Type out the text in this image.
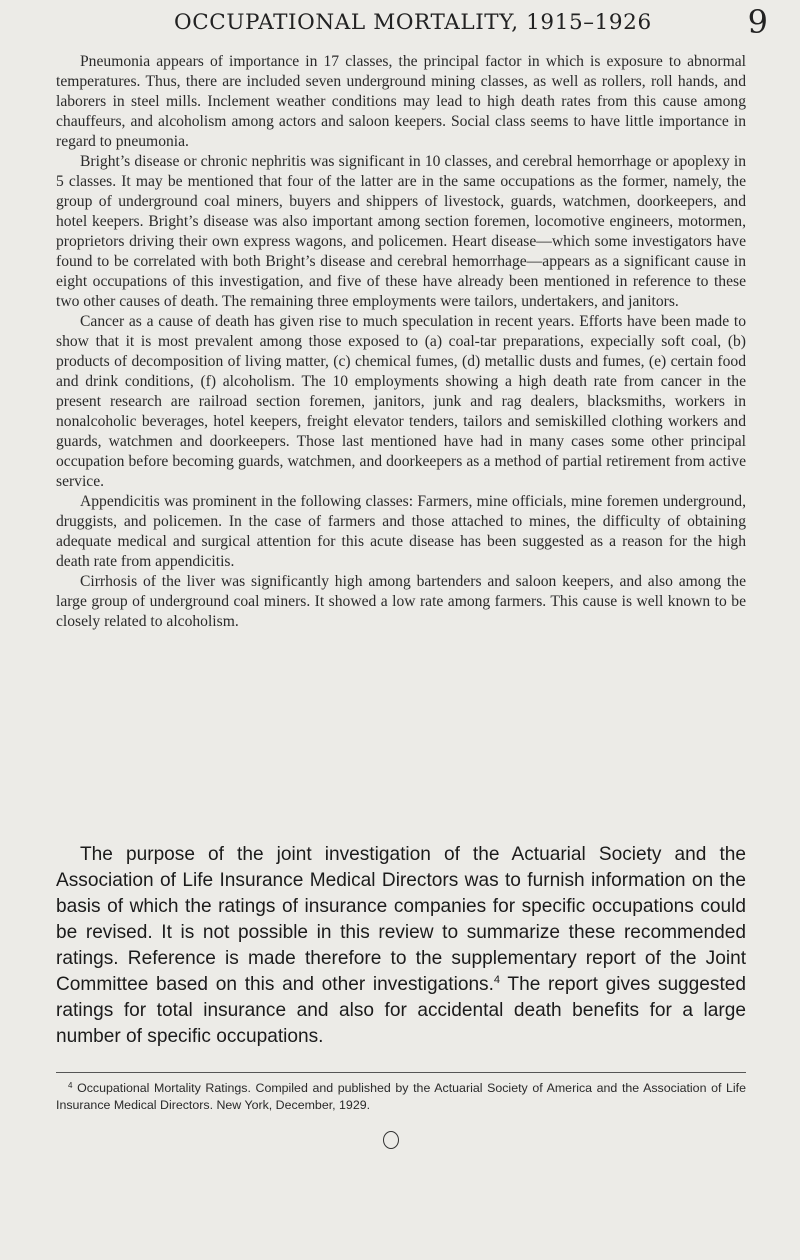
OCCUPATIONAL MORTALITY, 1915–1926	9

Pneumonia appears of importance in 17 classes, the principal factor in which is exposure to abnormal temperatures. Thus, there are included seven underground mining classes, as well as rollers, roll hands, and laborers in steel mills. Inclement weather conditions may lead to high death rates from this cause among chauffeurs, and alcoholism among actors and saloon keepers. Social class seems to have little importance in regard to pneumonia.

Bright’s disease or chronic nephritis was significant in 10 classes, and cerebral hemorrhage or apoplexy in 5 classes. It may be mentioned that four of the latter are in the same occupations as the former, namely, the group of underground coal miners, buyers and shippers of livestock, guards, watchmen, doorkeepers, and hotel keepers. Bright’s disease was also important among section foremen, locomotive engineers, motormen, proprietors driving their own express wagons, and policemen. Heart disease—which some investigators have found to be correlated with both Bright’s disease and cerebral hemorrhage—appears as a significant cause in eight occupations of this investigation, and five of these have already been mentioned in reference to these two other causes of death. The remaining three employments were tailors, undertakers, and janitors.

Cancer as a cause of death has given rise to much speculation in recent years. Efforts have been made to show that it is most prevalent among those exposed to (a) coal-tar preparations, expecially soft coal, (b) products of decomposition of living matter, (c) chemical fumes, (d) metallic dusts and fumes, (e) certain food and drink conditions, (f) alcoholism. The 10 employments showing a high death rate from cancer in the present research are railroad section foremen, janitors, junk and rag dealers, blacksmiths, workers in nonalcoholic beverages, hotel keepers, freight elevator tenders, tailors and semiskilled clothing workers and guards, watchmen and doorkeepers. Those last mentioned have had in many cases some other principal occupation before becoming guards, watchmen, and doorkeepers as a method of partial retirement from active service.

Appendicitis was prominent in the following classes: Farmers, mine officials, mine foremen underground, druggists, and policemen. In the case of farmers and those attached to mines, the difficulty of obtaining adequate medical and surgical attention for this acute disease has been suggested as a reason for the high death rate from appendicitis.

Cirrhosis of the liver was significantly high among bartenders and saloon keepers, and also among the large group of underground coal miners. It showed a low rate among farmers. This cause is well known to be closely related to alcoholism.

The purpose of the joint investigation of the Actuarial Society and the Association of Life Insurance Medical Directors was to furnish information on the basis of which the ratings of insurance companies for specific occupations could be revised. It is not possible in this review to summarize these recommended ratings. Reference is made therefore to the supplementary report of the Joint Committee based on this and other investigations.$^4$ The report gives suggested ratings for total insurance and also for accidental death benefits for a large number of specific occupations.

$^4$ Occupational Mortality Ratings. Compiled and published by the Actuarial Society of America and the Association of Life Insurance Medical Directors. New York, December, 1929.
